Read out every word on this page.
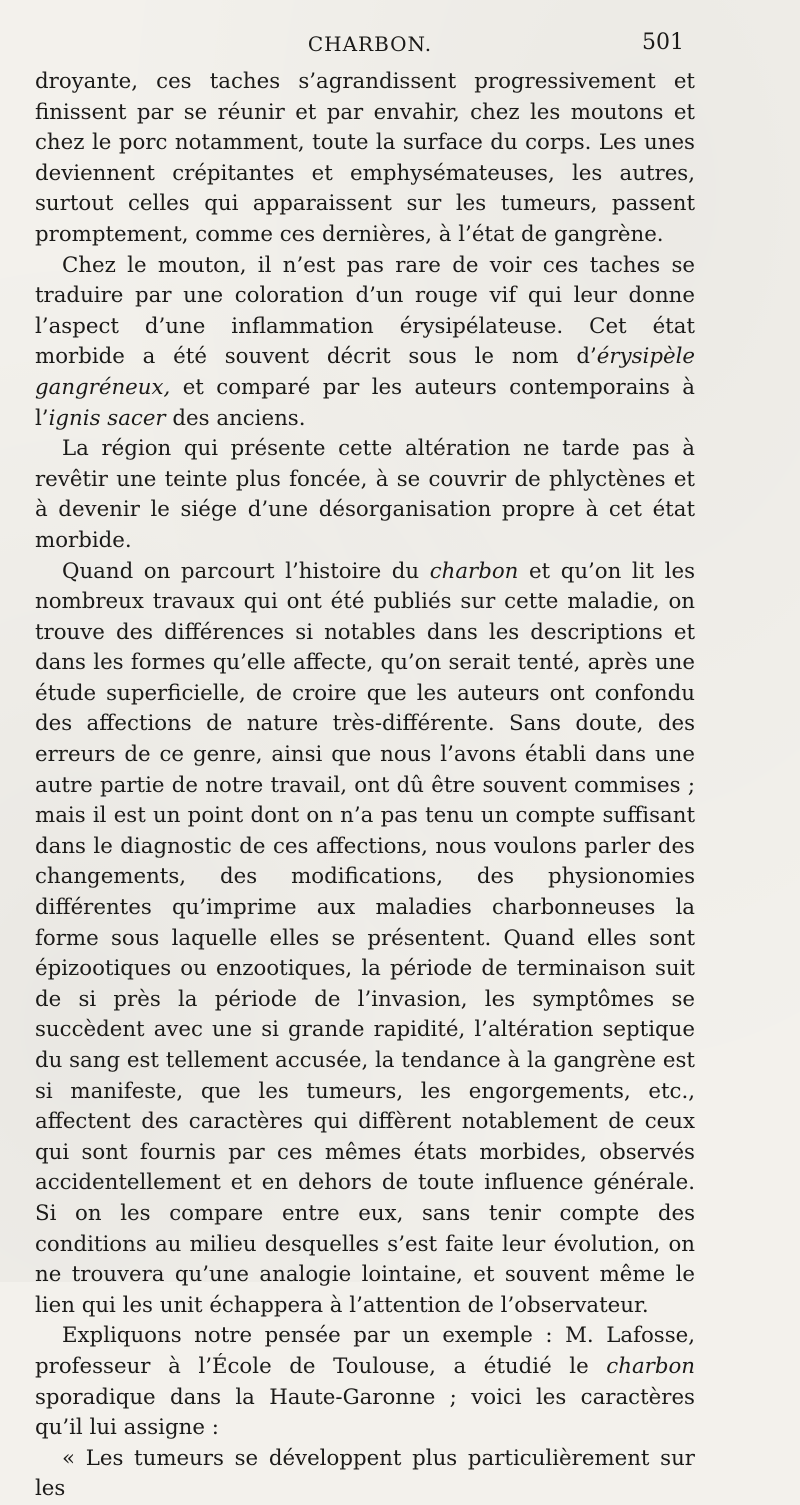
CHARBON.	501

droyante, ces taches s’agrandissent progressivement et finissent par se réunir et par envahir, chez les moutons et chez le porc notamment, toute la surface du corps. Les unes deviennent crépitantes et emphysémateuses, les autres, surtout celles qui apparaissent sur les tumeurs, passent promptement, comme ces dernières, à l’état de gangrène.

Chez le mouton, il n’est pas rare de voir ces taches se traduire par une coloration d’un rouge vif qui leur donne l’aspect d’une inflammation érysipélateuse. Cet état morbide a été souvent décrit sous le nom d’érysipèle gangréneux, et comparé par les auteurs contemporains à l’ignis sacer des anciens.

La région qui présente cette altération ne tarde pas à revêtir une teinte plus foncée, à se couvrir de phlyctènes et à devenir le siége d’une désorganisation propre à cet état morbide.

Quand on parcourt l’histoire du charbon et qu’on lit les nombreux travaux qui ont été publiés sur cette maladie, on trouve des différences si notables dans les descriptions et dans les formes qu’elle affecte, qu’on serait tenté, après une étude superficielle, de croire que les auteurs ont confondu des affections de nature très-différente. Sans doute, des erreurs de ce genre, ainsi que nous l’avons établi dans une autre partie de notre travail, ont dû être souvent commises ; mais il est un point dont on n’a pas tenu un compte suffisant dans le diagnostic de ces affections, nous voulons parler des changements, des modifications, des physionomies différentes qu’imprime aux maladies charbonneuses la forme sous laquelle elles se présentent. Quand elles sont épizootiques ou enzootiques, la période de terminaison suit de si près la période de l’invasion, les symptômes se succèdent avec une si grande rapidité, l’altération septique du sang est tellement accusée, la tendance à la gangrène est si manifeste, que les tumeurs, les engorgements, etc., affectent des caractères qui diffèrent notablement de ceux qui sont fournis par ces mêmes états morbides, observés accidentellement et en dehors de toute influence générale. Si on les compare entre eux, sans tenir compte des conditions au milieu desquelles s’est faite leur évolution, on ne trouvera qu’une analogie lointaine, et souvent même le lien qui les unit échappera à l’attention de l’observateur.

Expliquons notre pensée par un exemple : M. Lafosse, professeur à l’École de Toulouse, a étudié le charbon sporadique dans la Haute-Garonne ; voici les caractères qu’il lui assigne :

« Les tumeurs se développent plus particulièrement sur les
